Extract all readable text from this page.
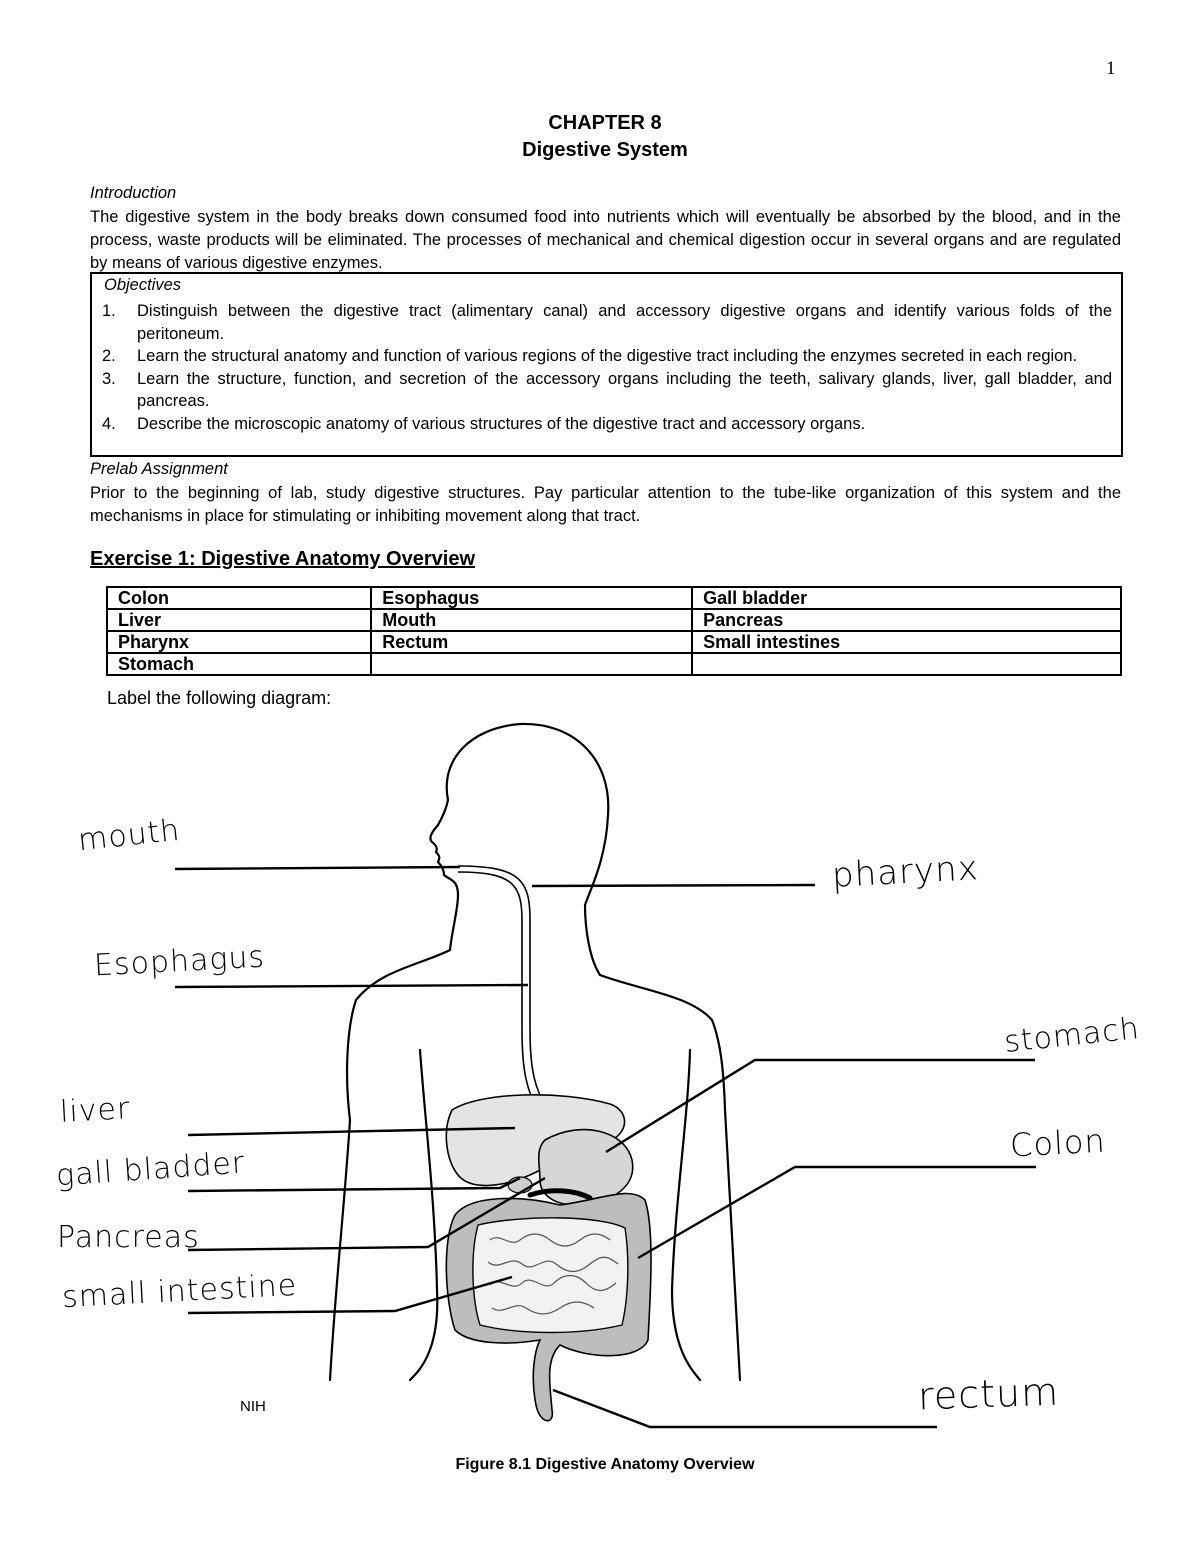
1
CHAPTER 8
Digestive System
Introduction
The digestive system in the body breaks down consumed food into nutrients which will eventually be absorbed by the blood, and in the process, waste products will be eliminated. The processes of mechanical and chemical digestion occur in several organs and are regulated by means of various digestive enzymes.
Objectives
1. Distinguish between the digestive tract (alimentary canal) and accessory digestive organs and identify various folds of the peritoneum.
2. Learn the structural anatomy and function of various regions of the digestive tract including the enzymes secreted in each region.
3. Learn the structure, function, and secretion of the accessory organs including the teeth, salivary glands, liver, gall bladder, and pancreas.
4. Describe the microscopic anatomy of various structures of the digestive tract and accessory organs.
Prelab Assignment
Prior to the beginning of lab, study digestive structures. Pay particular attention to the tube-like organization of this system and the mechanisms in place for stimulating or inhibiting movement along that tract.
Exercise 1: Digestive Anatomy Overview
Colon	Esophagus	Gall bladder
Liver	Mouth	Pancreas
Pharynx	Rectum	Small intestines
Stomach		
Label the following diagram:
mouth
Esophagus
liver
gall bladder
Pancreas
small intestine
pharynx
stomach
Colon
rectum
NIH
Figure 8.1 Digestive Anatomy Overview
